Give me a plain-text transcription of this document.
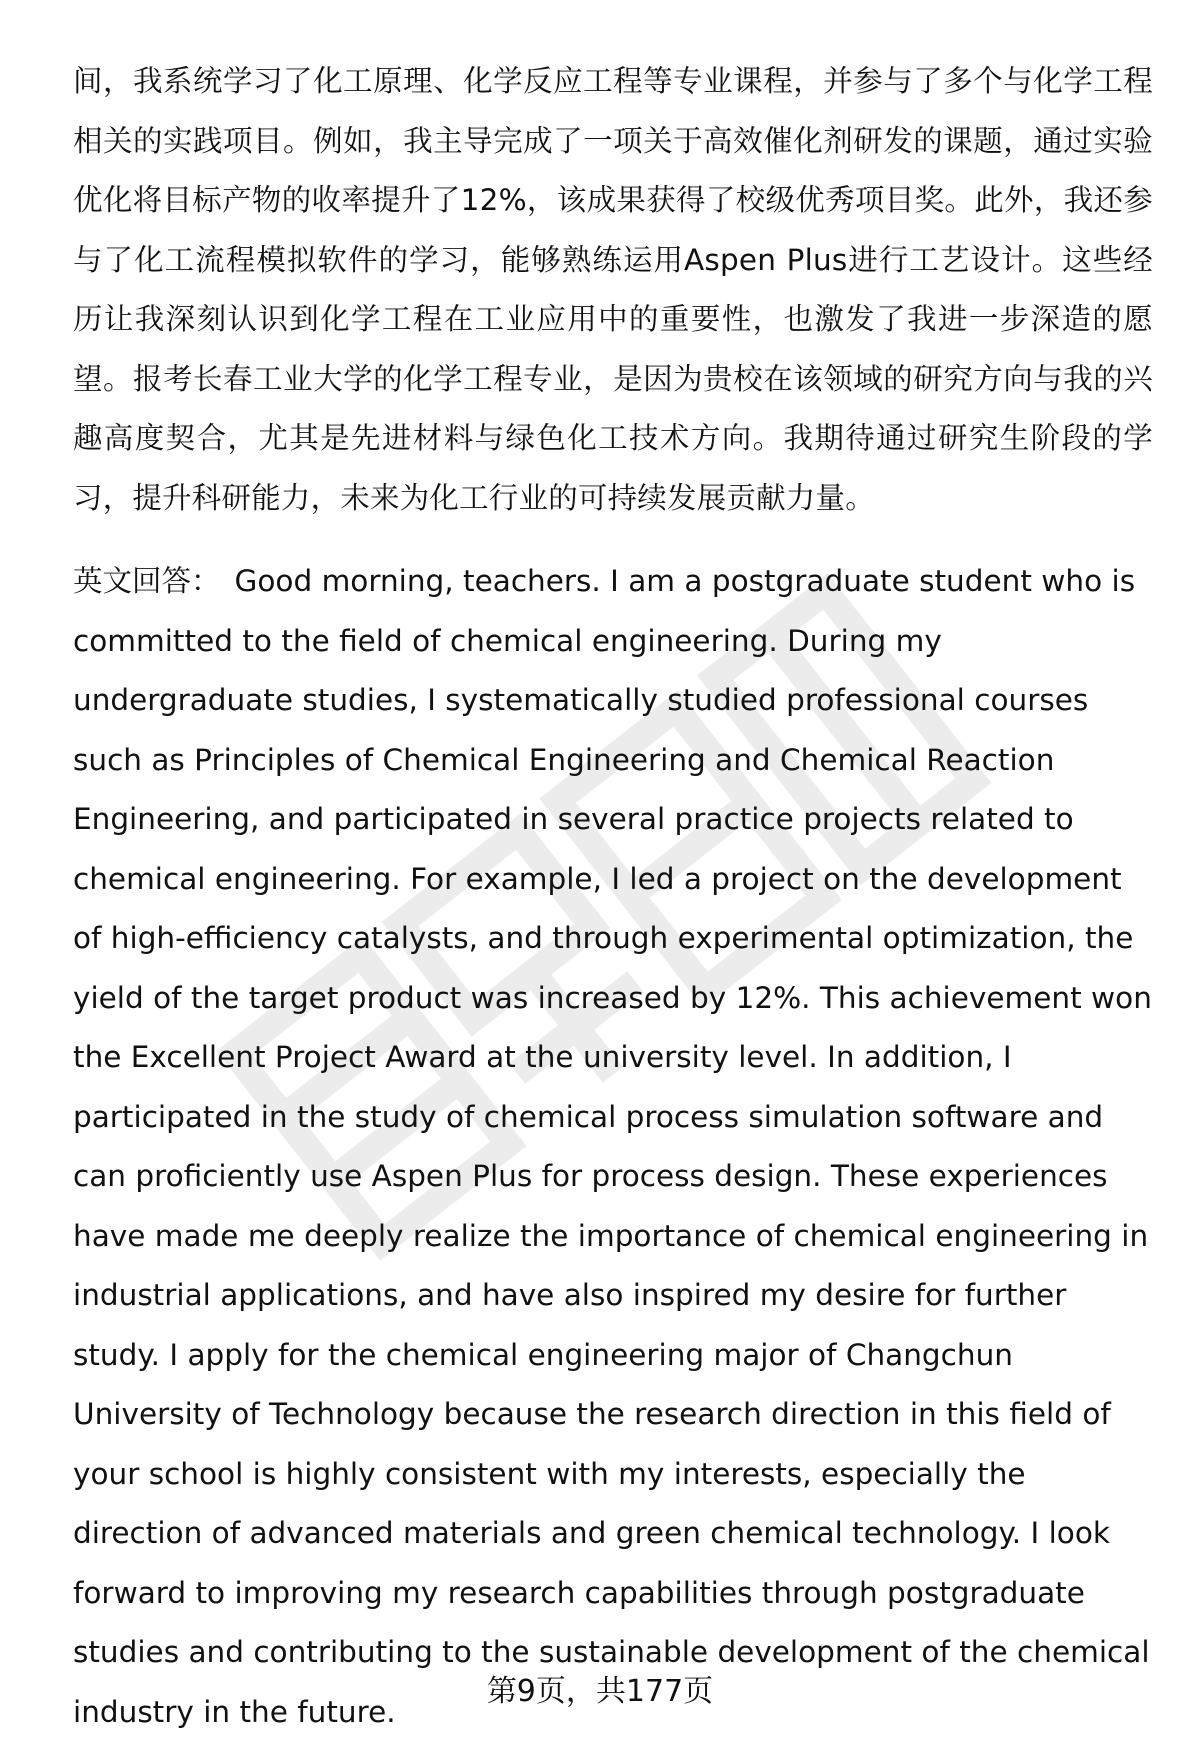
间，我系统学习了化工原理、化学反应工程等专业课程，并参与了多个与化学工程相关的实践项目。例如，我主导完成了一项关于高效催化剂研发的课题，通过实验优化将目标产物的收率提升了12%，该成果获得了校级优秀项目奖。此外，我还参与了化工流程模拟软件的学习，能够熟练运用Aspen Plus进行工艺设计。这些经历让我深刻认识到化学工程在工业应用中的重要性，也激发了我进一步深造的愿望。报考长春工业大学的化学工程专业，是因为贵校在该领域的研究方向与我的兴趣高度契合，尤其是先进材料与绿色化工技术方向。我期待通过研究生阶段的学习，提升科研能力，未来为化工行业的可持续发展贡献力量。

英文回答： Good morning, teachers. I am a postgraduate student who is committed to the field of chemical engineering. During my undergraduate studies, I systematically studied professional courses such as Principles of Chemical Engineering and Chemical Reaction Engineering, and participated in several practice projects related to chemical engineering. For example, I led a project on the development of high-efficiency catalysts, and through experimental optimization, the yield of the target product was increased by 12%. This achievement won the Excellent Project Award at the university level. In addition, I participated in the study of chemical process simulation software and can proficiently use Aspen Plus for process design. These experiences have made me deeply realize the importance of chemical engineering in industrial applications, and have also inspired my desire for further study. I apply for the chemical engineering major of Changchun University of Technology because the research direction in this field of your school is highly consistent with my interests, especially the direction of advanced materials and green chemical technology. I look forward to improving my research capabilities through postgraduate studies and contributing to the sustainable development of the chemical industry in the future.

第9页，共177页
